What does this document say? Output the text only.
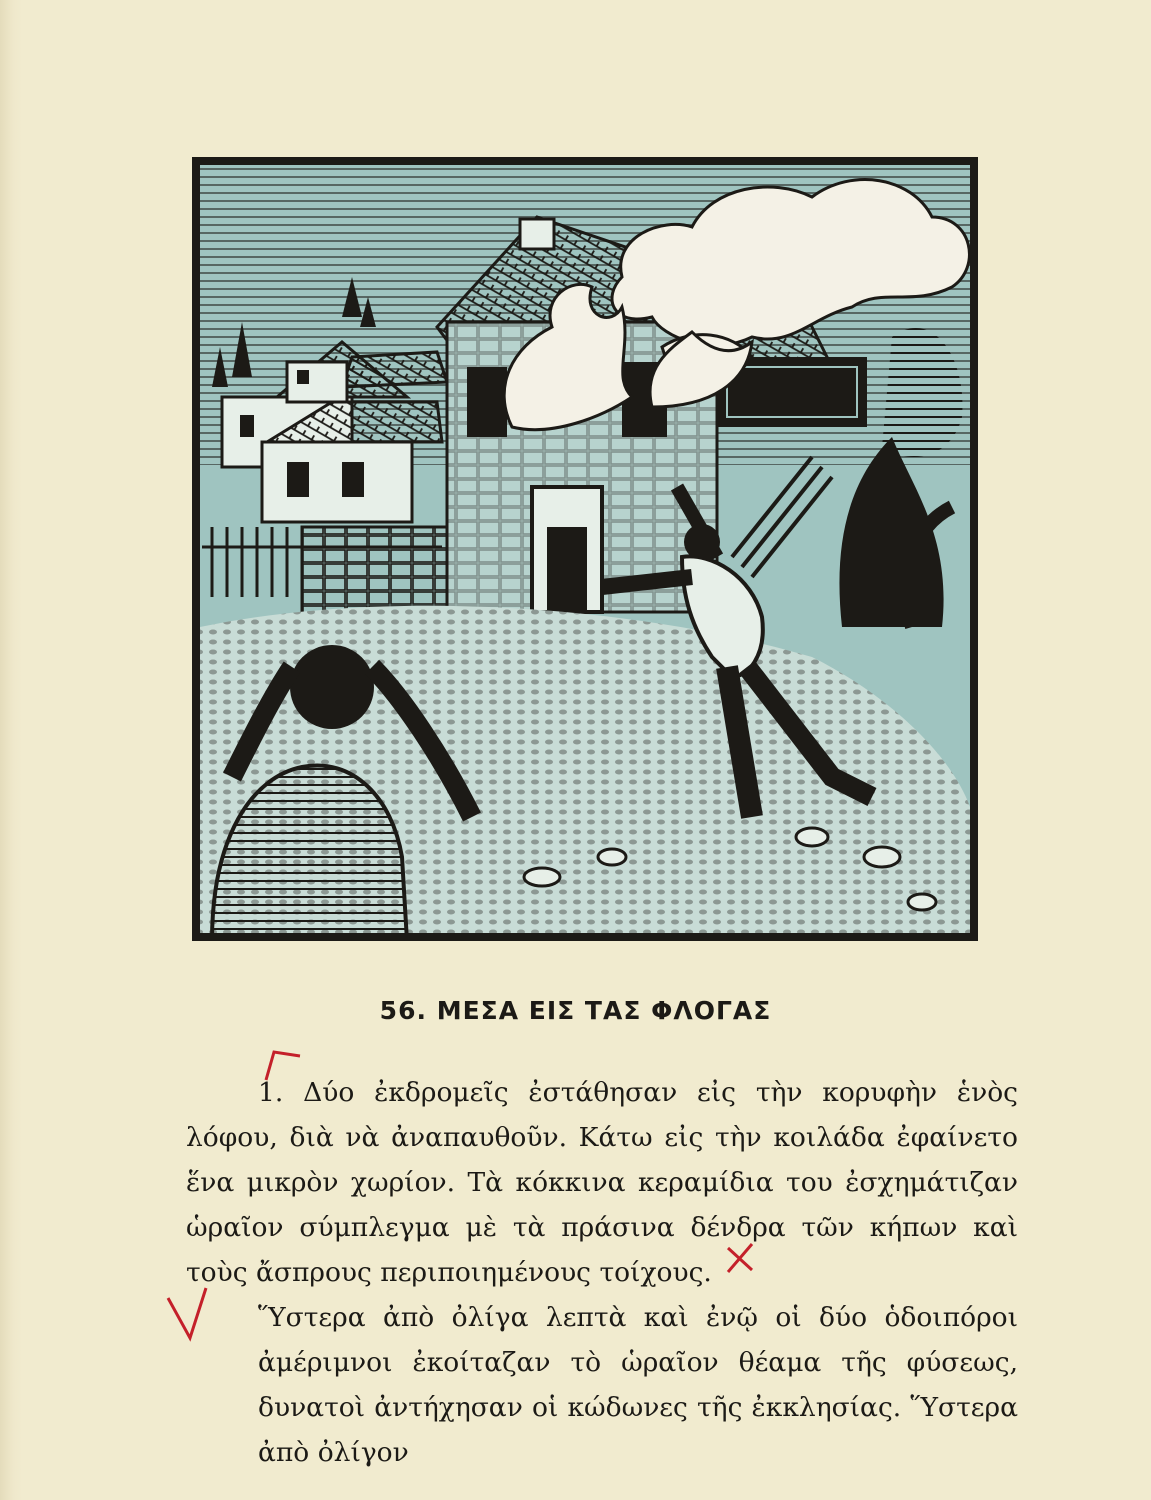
56. ΜΕΣΑ ΕΙΣ ΤΑΣ ΦΛΟΓΑΣ

1. Δύο ἐκδρομεῖς ἐστάθησαν εἰς τὴν κορυφὴν ἑνὸς λόφου, διὰ νὰ ἀναπαυθοῦν. Κάτω εἰς τὴν κοιλάδα ἐφαίνετο ἕνα μικρὸν χωρίον. Τὰ κόκκινα κεραμίδια του ἐσχημάτιζαν ὡραῖον σύμπλεγμα μὲ τὰ πράσινα δένδρα τῶν κήπων καὶ τοὺς ἄσπρους περιποιημένους τοίχους.

Ὕστερα ἀπὸ ὀλίγα λεπτὰ καὶ ἐνῷ οἱ δύο ὁδοιπόροι ἀμέριμνοι ἐκοίταζαν τὸ ὡραῖον θέαμα τῆς φύσεως, δυνατοὶ ἀντήχησαν οἱ κώδωνες τῆς ἐκκλησίας. Ὕστερα ἀπὸ ὀλίγον
